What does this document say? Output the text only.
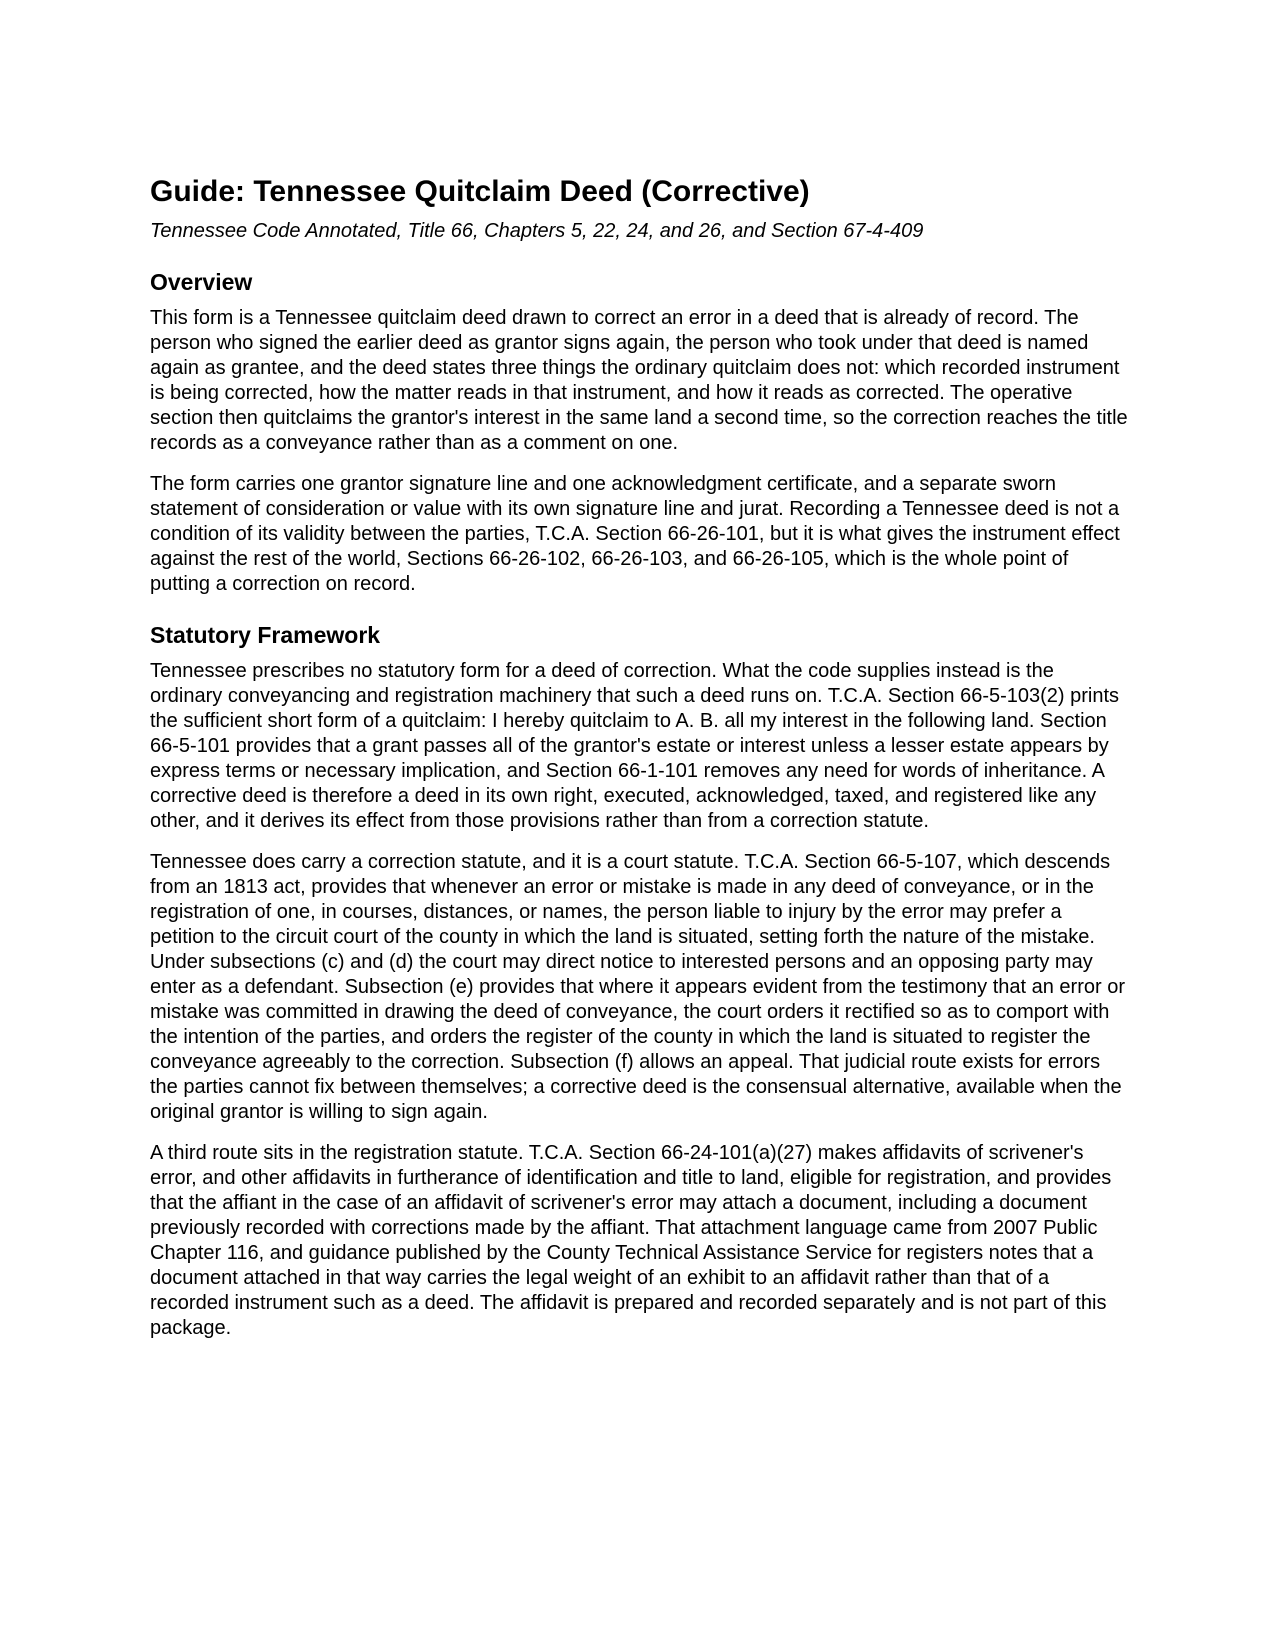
Guide: Tennessee Quitclaim Deed (Corrective)
Tennessee Code Annotated, Title 66, Chapters 5, 22, 24, and 26, and Section 67-4-409
Overview

This form is a Tennessee quitclaim deed drawn to correct an error in a deed that is already of record. The person who signed the earlier deed as grantor signs again, the person who took under that deed is named again as grantee, and the deed states three things the ordinary quitclaim does not: which recorded instrument is being corrected, how the matter reads in that instrument, and how it reads as corrected. The operative section then quitclaims the grantor's interest in the same land a second time, so the correction reaches the title records as a conveyance rather than as a comment on one.

The form carries one grantor signature line and one acknowledgment certificate, and a separate sworn statement of consideration or value with its own signature line and jurat. Recording a Tennessee deed is not a condition of its validity between the parties, T.C.A. Section 66-26-101, but it is what gives the instrument effect against the rest of the world, Sections 66-26-102, 66-26-103, and 66-26-105, which is the whole point of putting a correction on record.

Statutory Framework

Tennessee prescribes no statutory form for a deed of correction. What the code supplies instead is the ordinary conveyancing and registration machinery that such a deed runs on. T.C.A. Section 66-5-103(2) prints the sufficient short form of a quitclaim: I hereby quitclaim to A. B. all my interest in the following land. Section 66-5-101 provides that a grant passes all of the grantor's estate or interest unless a lesser estate appears by express terms or necessary implication, and Section 66-1-101 removes any need for words of inheritance. A corrective deed is therefore a deed in its own right, executed, acknowledged, taxed, and registered like any other, and it derives its effect from those provisions rather than from a correction statute.

Tennessee does carry a correction statute, and it is a court statute. T.C.A. Section 66-5-107, which descends from an 1813 act, provides that whenever an error or mistake is made in any deed of conveyance, or in the registration of one, in courses, distances, or names, the person liable to injury by the error may prefer a petition to the circuit court of the county in which the land is situated, setting forth the nature of the mistake. Under subsections (c) and (d) the court may direct notice to interested persons and an opposing party may enter as a defendant. Subsection (e) provides that where it appears evident from the testimony that an error or mistake was committed in drawing the deed of conveyance, the court orders it rectified so as to comport with the intention of the parties, and orders the register of the county in which the land is situated to register the conveyance agreeably to the correction. Subsection (f) allows an appeal. That judicial route exists for errors the parties cannot fix between themselves; a corrective deed is the consensual alternative, available when the original grantor is willing to sign again.

A third route sits in the registration statute. T.C.A. Section 66-24-101(a)(27) makes affidavits of scrivener's error, and other affidavits in furtherance of identification and title to land, eligible for registration, and provides that the affiant in the case of an affidavit of scrivener's error may attach a document, including a document previously recorded with corrections made by the affiant. That attachment language came from 2007 Public Chapter 116, and guidance published by the County Technical Assistance Service for registers notes that a document attached in that way carries the legal weight of an exhibit to an affidavit rather than that of a recorded instrument such as a deed. The affidavit is prepared and recorded separately and is not part of this package.
